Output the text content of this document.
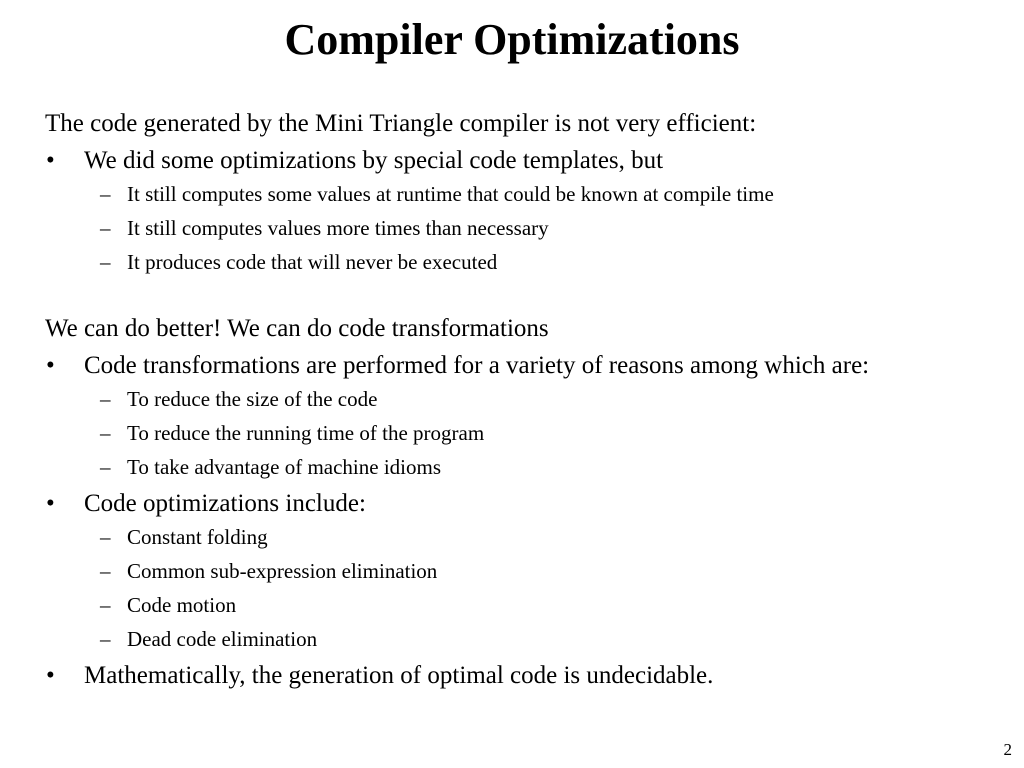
Compiler Optimizations

The code generated by the Mini Triangle compiler is not very efficient:

•	We did some optimizations by special code templates, but
– It still computes some values at runtime that could be known at compile time
– It still computes values more times than necessary
– It produces code that will never be executed

We can do better! We can do code transformations

•	Code transformations are performed for a variety of reasons among which are:
– To reduce the size of the code
– To reduce the running time of the program
– To take advantage of machine idioms
•	Code optimizations include:
– Constant folding
– Common sub-expression elimination
– Code motion
– Dead code elimination
•	Mathematically, the generation of optimal code is undecidable.
2
